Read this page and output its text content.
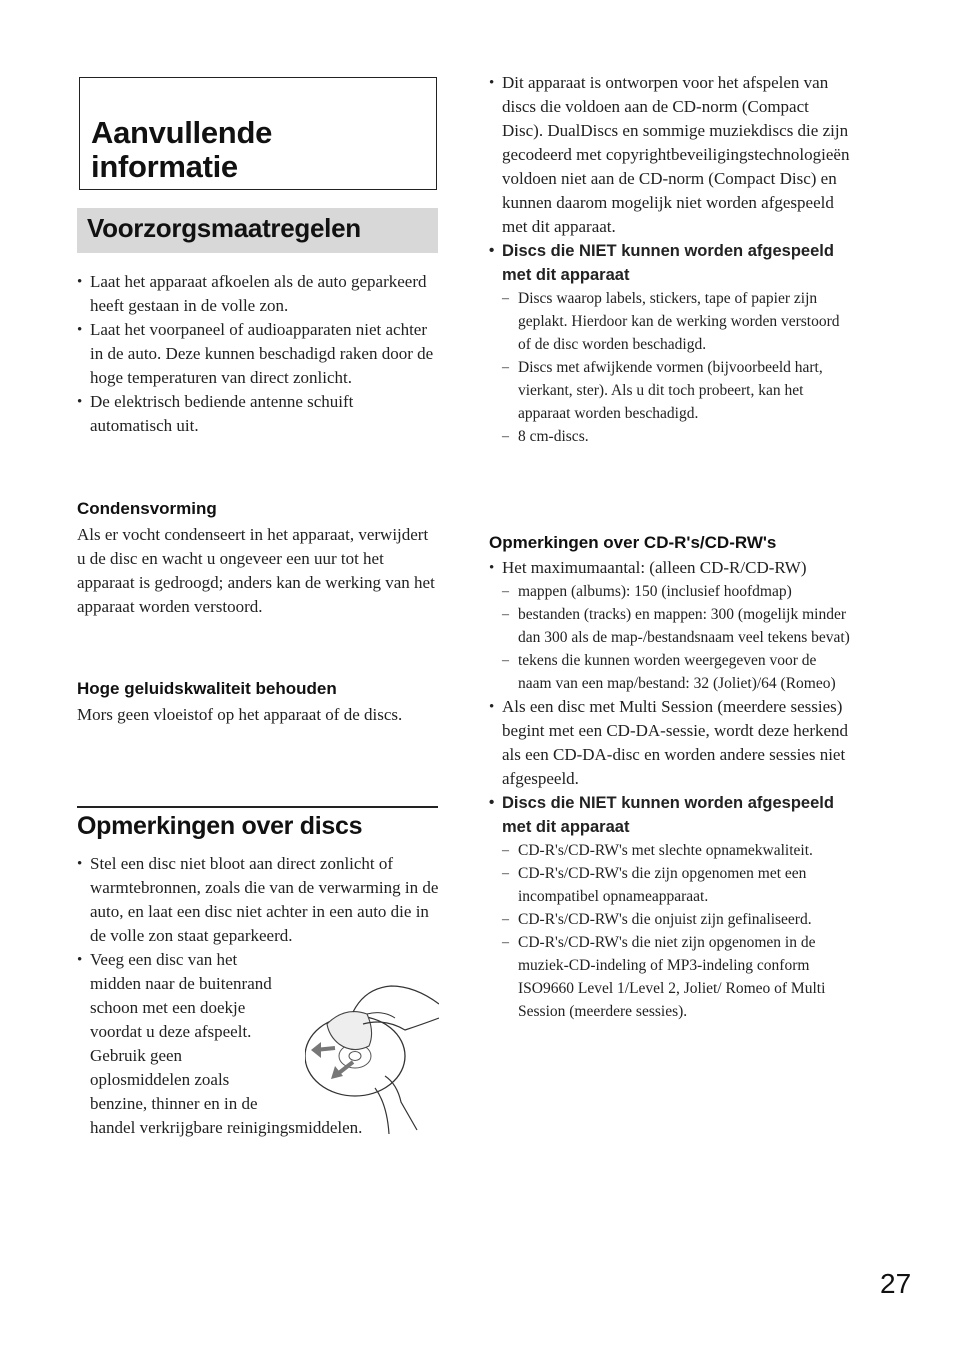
Aanvullende
informatie
Voorzorgsmaatregelen
• Laat het apparaat afkoelen als de auto geparkeerd heeft gestaan in de volle zon.
• Laat het voorpaneel of audioapparaten niet achter in de auto. Deze kunnen beschadigd raken door de hoge temperaturen van direct zonlicht.
• De elektrisch bediende antenne schuift automatisch uit.
Condensvorming
Als er vocht condenseert in het apparaat, verwijdert u de disc en wacht u ongeveer een uur tot het apparaat is gedroogd; anders kan de werking van het apparaat worden verstoord.
Hoge geluidskwaliteit behouden
Mors geen vloeistof op het apparaat of de discs.
Opmerkingen over discs
• Stel een disc niet bloot aan direct zonlicht of warmtebronnen, zoals die van de verwarming in de auto, en laat een disc niet achter in een auto die in de volle zon staat geparkeerd.
• Veeg een disc van het
midden naar de buitenrand
schoon met een doekje
voordat u deze afspeelt.
Gebruik geen
oplosmiddelen zoals
benzine, thinner en in de
handel verkrijgbare reinigingsmiddelen.
• Dit apparaat is ontworpen voor het afspelen van discs die voldoen aan de CD-norm (Compact Disc). DualDiscs en sommige muziekdiscs die zijn gecodeerd met copyrightbeveiligingstechnologieën voldoen niet aan de CD-norm (Compact Disc) en kunnen daarom mogelijk niet worden afgespeeld met dit apparaat.
• Discs die NIET kunnen worden afgespeeld met dit apparaat
– Discs waarop labels, stickers, tape of papier zijn geplakt. Hierdoor kan de werking worden verstoord of de disc worden beschadigd.
– Discs met afwijkende vormen (bijvoorbeeld hart, vierkant, ster). Als u dit toch probeert, kan het apparaat worden beschadigd.
– 8 cm-discs.
Opmerkingen over CD-R's/CD-RW's
• Het maximumaantal: (alleen CD-R/CD-RW)
– mappen (albums): 150 (inclusief hoofdmap)
– bestanden (tracks) en mappen: 300 (mogelijk minder dan 300 als de map-/bestandsnaam veel tekens bevat)
– tekens die kunnen worden weergegeven voor de naam van een map/bestand: 32 (Joliet)/64 (Romeo)
• Als een disc met Multi Session (meerdere sessies) begint met een CD-DA-sessie, wordt deze herkend als een CD-DA-disc en worden andere sessies niet afgespeeld.
• Discs die NIET kunnen worden afgespeeld met dit apparaat
– CD-R's/CD-RW's met slechte opnamekwaliteit.
– CD-R's/CD-RW's die zijn opgenomen met een incompatibel opnameapparaat.
– CD-R's/CD-RW's die onjuist zijn gefinaliseerd.
– CD-R's/CD-RW's die niet zijn opgenomen in de muziek-CD-indeling of MP3-indeling conform ISO9660 Level 1/Level 2, Joliet/ Romeo of Multi Session (meerdere sessies).
27
